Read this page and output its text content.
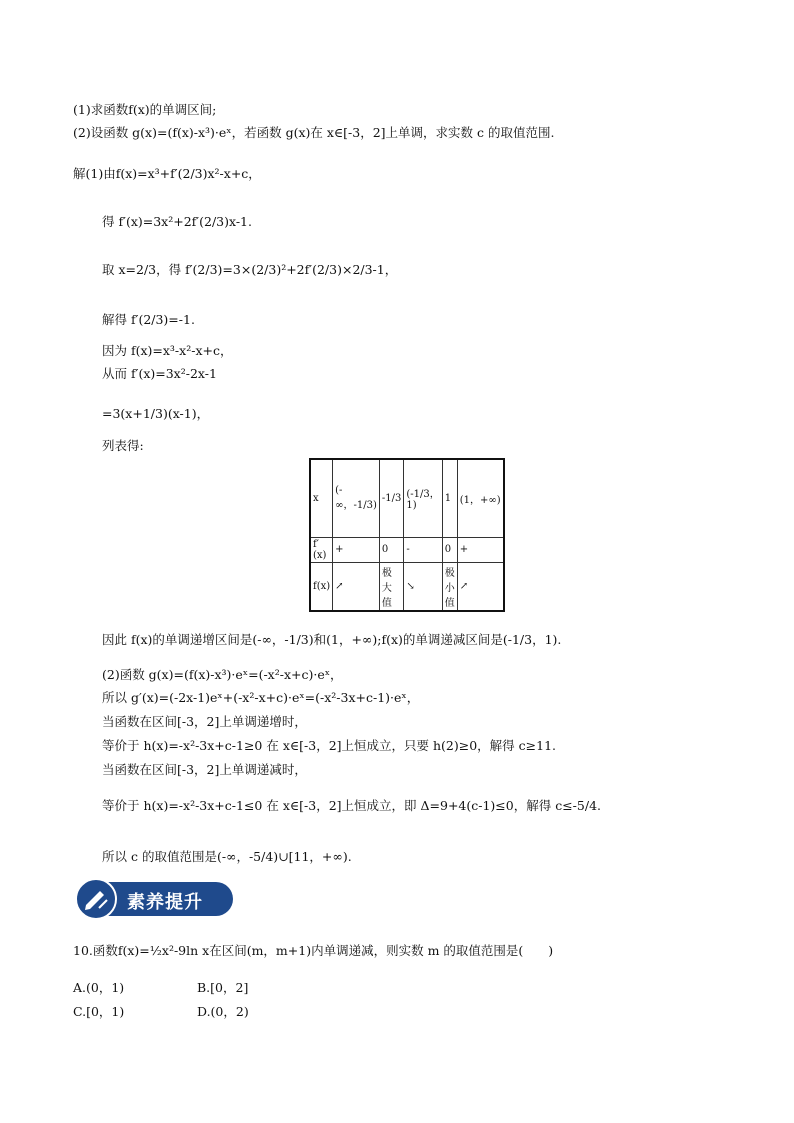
(1)求函数f(x)的单调区间;
(2)设函数 g(x)=(f(x)-x³)·eˣ，若函数 g(x)在 x∈[-3，2]上单调，求实数 c 的取值范围.
解(1)由f(x)=x³+f′(2/3)x²-x+c，
得 f′(x)=3x²+2f′(2/3)x-1.
取 x=2/3，得 f′(2/3)=3×(2/3)²+2f′(2/3)×2/3-1，
解得 f′(2/3)=-1.
因为 f(x)=x³-x²-x+c，
从而 f′(x)=3x²-2x-1
=3(x+1/3)(x-1)，
列表得:
x	(-∞，-1/3)	-1/3	(-1/3，1)	1	(1，+∞)
f′(x)	+	0	-	0	+
f(x)	↗	极大值	↘	极小值	↗
因此 f(x)的单调递增区间是(-∞，-1/3)和(1，+∞);f(x)的单调递减区间是(-1/3，1).
(2)函数 g(x)=(f(x)-x³)·eˣ=(-x²-x+c)·eˣ，
所以 g′(x)=(-2x-1)eˣ+(-x²-x+c)·eˣ=(-x²-3x+c-1)·eˣ，
当函数在区间[-3，2]上单调递增时，
等价于 h(x)=-x²-3x+c-1≥0 在 x∈[-3，2]上恒成立，只要 h(2)≥0，解得 c≥11.
当函数在区间[-3，2]上单调递减时，
等价于 h(x)=-x²-3x+c-1≤0 在 x∈[-3，2]上恒成立，即 Δ=9+4(c-1)≤0，解得 c≤-5/4.
所以 c 的取值范围是(-∞，-5/4)∪[11，+∞).
素养提升
10.函数f(x)=½x²-9ln x在区间(m，m+1)内单调递减，则实数 m 的取值范围是(　　)
A.(0，1)	B.[0，2]
C.[0，1)	D.(0，2)
